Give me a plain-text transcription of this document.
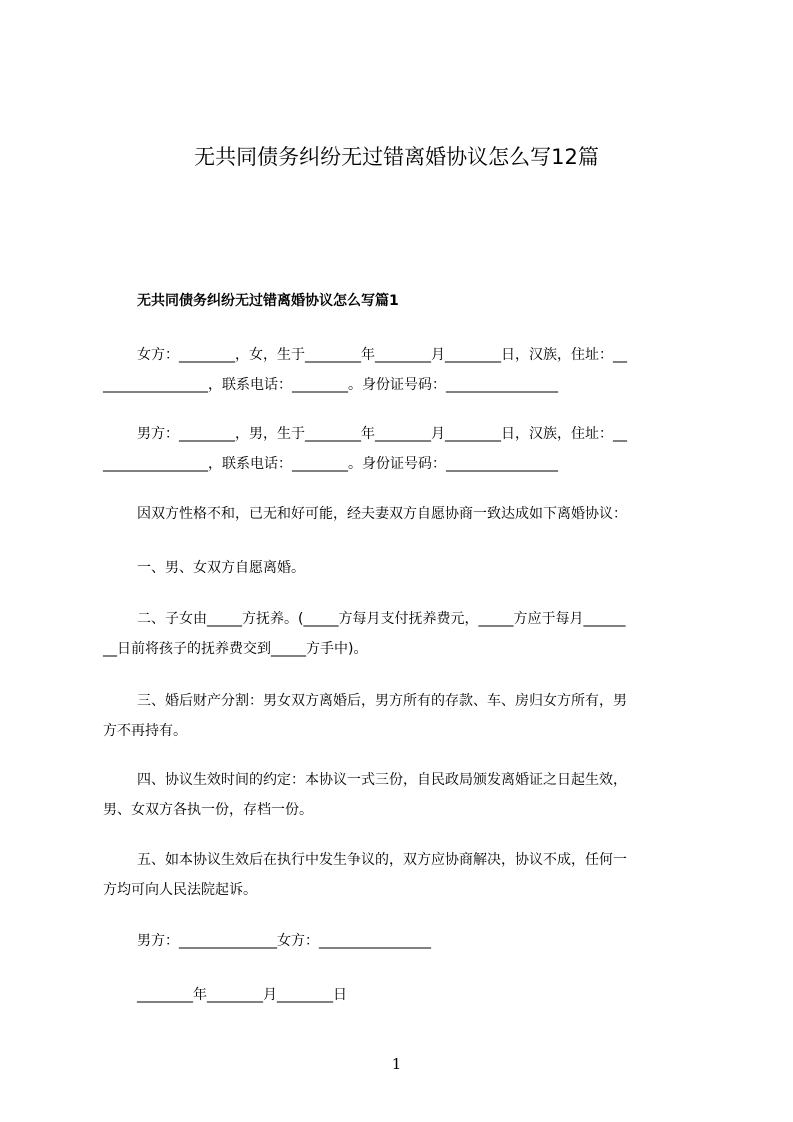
无共同债务纠纷无过错离婚协议怎么写12篇
无共同债务纠纷无过错离婚协议怎么写篇1
女方：________，女，生于________年________月________日，汉族，住址：__
_______________，联系电话：________。身份证号码：________________
男方：________，男，生于________年________月________日，汉族，住址：__
_______________，联系电话：________。身份证号码：________________
因双方性格不和，已无和好可能，经夫妻双方自愿协商一致达成如下离婚协议：
一、男、女双方自愿离婚。
二、子女由_____方抚养。(_____方每月支付抚养费元，_____方应于每月______
__日前将孩子的抚养费交到_____方手中)。
三、婚后财产分割：男女双方离婚后，男方所有的存款、车、房归女方所有，男
方不再持有。
四、协议生效时间的约定：本协议一式三份，自民政局颁发离婚证之日起生效，
男、女双方各执一份，存档一份。
五、如本协议生效后在执行中发生争议的，双方应协商解决，协议不成，任何一
方均可向人民法院起诉。
男方：______________女方：________________
________年________月________日
1
